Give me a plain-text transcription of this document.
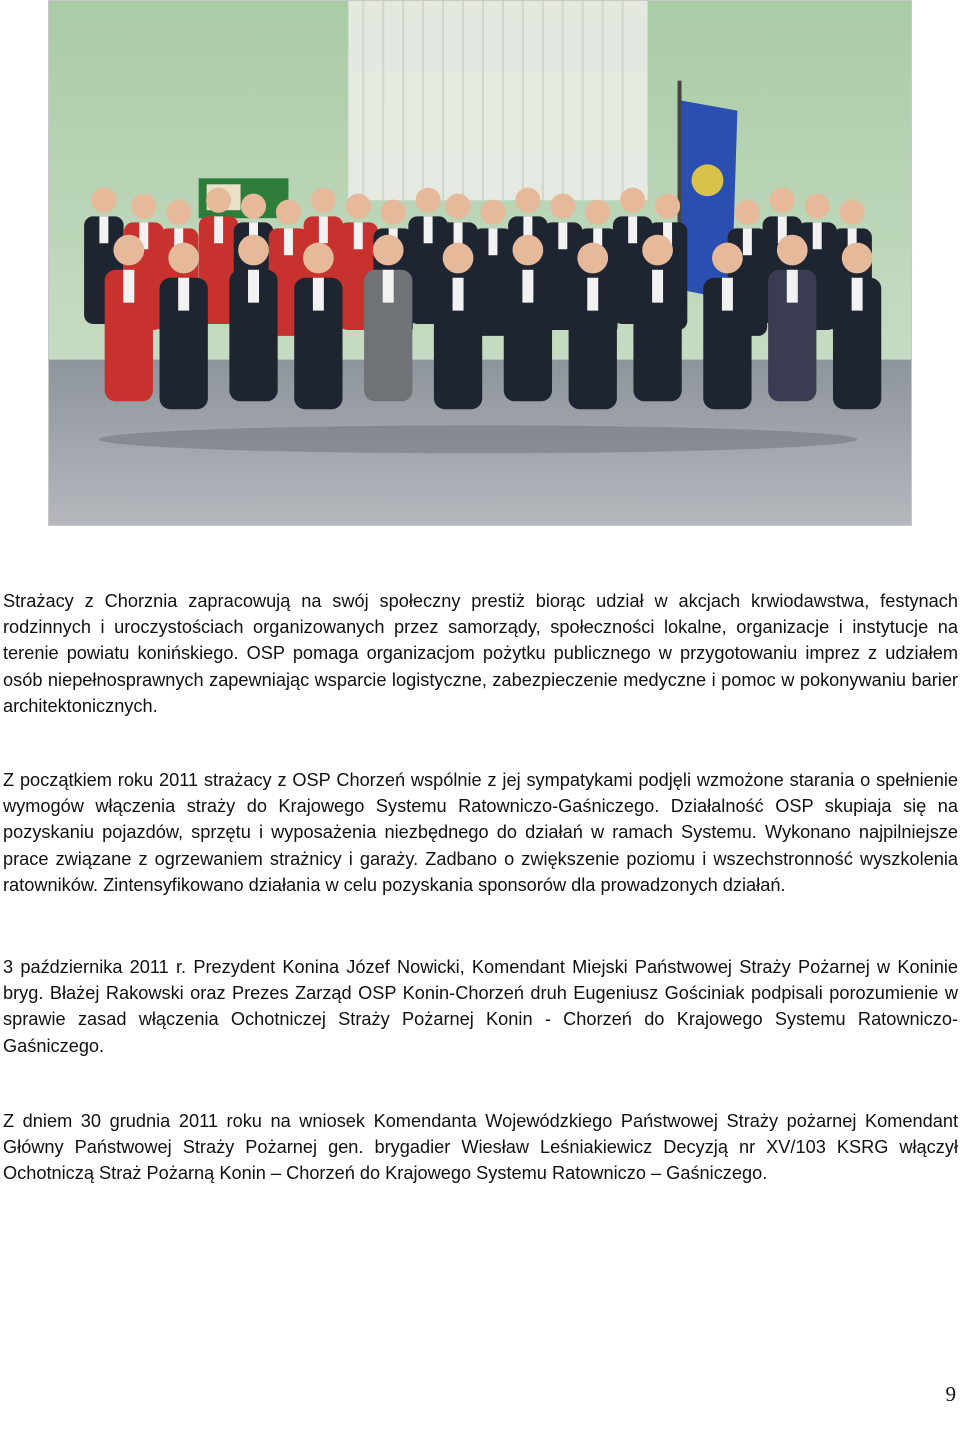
Strażacy z Chorznia zapracowują na swój społeczny prestiż biorąc udział w akcjach krwiodawstwa, festynach rodzinnych i uroczystościach organizowanych przez samorządy, społeczności lokalne, organizacje i instytucje na terenie powiatu konińskiego. OSP pomaga organizacjom pożytku publicznego w przygotowaniu imprez z udziałem osób niepełnosprawnych zapewniając wsparcie logistyczne, zabezpieczenie medyczne i pomoc w pokonywaniu barier architektonicznych.

Z początkiem roku 2011 strażacy z OSP Chorzeń wspólnie z jej sympatykami podjęli wzmożone starania o spełnienie wymogów włączenia straży do Krajowego Systemu Ratowniczo-Gaśniczego. Działalność OSP skupiaja się na pozyskaniu pojazdów, sprzętu i wyposażenia niezbędnego do działań w ramach Systemu. Wykonano najpilniejsze prace związane z ogrzewaniem strażnicy i garaży. Zadbano o zwiększenie poziomu i wszechstronność wyszkolenia ratowników. Zintensyfikowano działania w celu pozyskania sponsorów dla prowadzonych działań.

3 października 2011 r. Prezydent Konina Józef Nowicki, Komendant Miejski Państwowej Straży Pożarnej w Koninie bryg. Błażej Rakowski oraz Prezes Zarząd OSP Konin-Chorzeń druh Eugeniusz Gościniak podpisali porozumienie w sprawie zasad włączenia Ochotniczej Straży Pożarnej Konin - Chorzeń do Krajowego Systemu Ratowniczo-Gaśniczego.

Z dniem 30 grudnia 2011 roku na wniosek Komendanta Wojewódzkiego Państwowej Straży pożarnej Komendant Główny Państwowej Straży Pożarnej gen. brygadier Wiesław Leśniakiewicz Decyzją nr XV/103 KSRG włączył Ochotniczą Straż Pożarną Konin – Chorzeń do Krajowego Systemu Ratowniczo – Gaśniczego.

9
